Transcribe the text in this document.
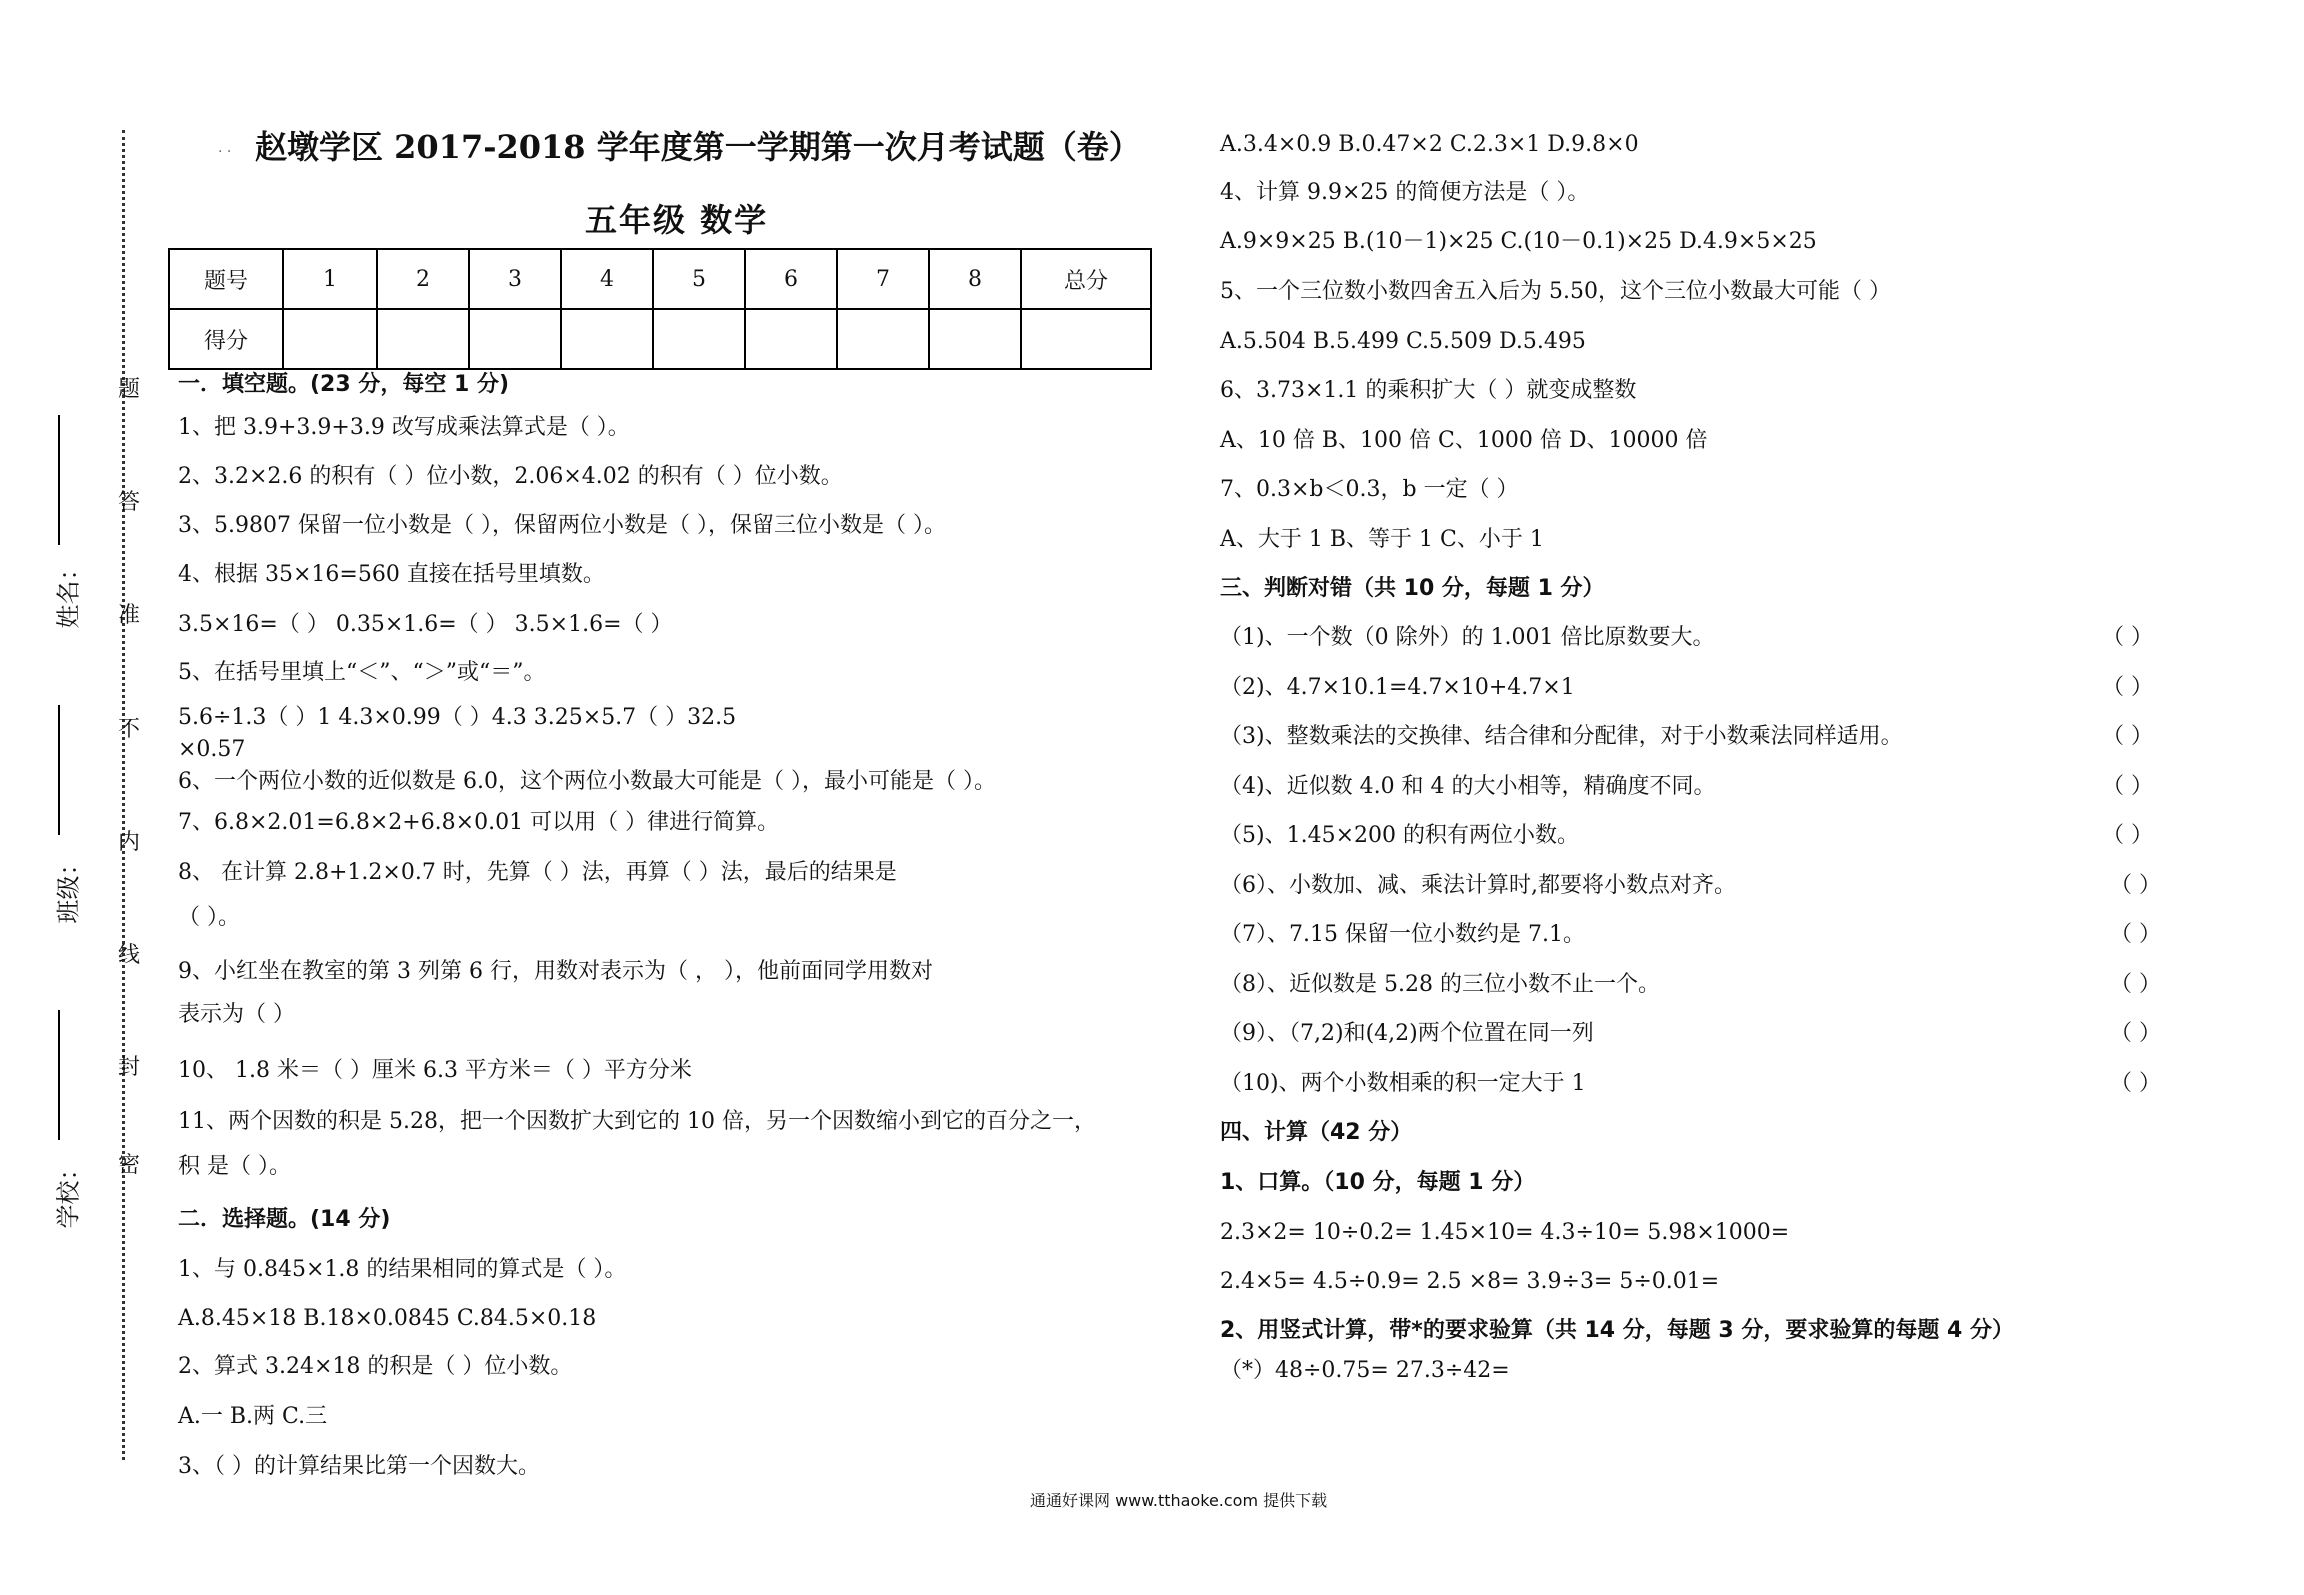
题
答
准
不
内
线
封
密
姓名：
班级：
学校：
. . 赵墩学区 2017-2018 学年度第一学期第一次月考试题（卷）
五年级 数学
题号	1	2	3	4	5	6	7	8	总分
得分									
一．填空题。(23 分，每空 1 分)
1、把 3.9+3.9+3.9 改写成乘法算式是（ ）。
2、3.2×2.6 的积有（ ）位小数，2.06×4.02 的积有（ ）位小数。
3、5.9807 保留一位小数是（ ），保留两位小数是（ ），保留三位小数是（ ）。
4、根据 35×16=560 直接在括号里填数。
3.5×16=（ ） 0.35×1.6=（ ） 3.5×1.6=（ ）
5、在括号里填上“＜”、“＞”或“＝”。
5.6÷1.3（ ）1 4.3×0.99（ ）4.3 3.25×5.7（ ）32.5
×0.57
6、一个两位小数的近似数是 6.0，这个两位小数最大可能是（ ），最小可能是（ ）。
7、6.8×2.01=6.8×2+6.8×0.01 可以用（ ）律进行简算。
8、 在计算 2.8+1.2×0.7 时，先算（ ）法，再算（ ）法，最后的结果是
（ ）。
9、小红坐在教室的第 3 列第 6 行，用数对表示为（ ， ），他前面同学用数对
表示为（ ）
10、 1.8 米＝（ ）厘米 6.3 平方米＝（ ）平方分米
11、两个因数的积是 5.28，把一个因数扩大到它的 10 倍，另一个因数缩小到它的百分之一，
积 是（ ）。
二．选择题。(14 分)
1、与 0.845×1.8 的结果相同的算式是（ ）。
A.8.45×18 B.18×0.0845 C.84.5×0.18
2、算式 3.24×18 的积是（ ）位小数。
A.一 B.两 C.三
3、（ ）的计算结果比第一个因数大。
A.3.4×0.9 B.0.47×2 C.2.3×1 D.9.8×0
4、计算 9.9×25 的简便方法是（ ）。
A.9×9×25 B.(10－1)×25 C.(10－0.1)×25 D.4.9×5×25
5、一个三位数小数四舍五入后为 5.50，这个三位小数最大可能（ ）
A.5.504 B.5.499 C.5.509 D.5.495
6、3.73×1.1 的乘积扩大（ ）就变成整数
A、10 倍 B、100 倍 C、1000 倍 D、10000 倍
7、0.3×b＜0.3，b 一定（ ）
A、大于 1 B、等于 1 C、小于 1
三、判断对错（共 10 分，每题 1 分）
（1)、一个数（0 除外）的 1.001 倍比原数要大。
（2)、4.7×10.1=4.7×10+4.7×1
（3)、整数乘法的交换律、结合律和分配律，对于小数乘法同样适用。
（4)、近似数 4.0 和 4 的大小相等，精确度不同。
（5)、1.45×200 的积有两位小数。
（6）、小数加、减、乘法计算时,都要将小数点对齐。
（7）、7.15 保留一位小数约是 7.1。
（8）、近似数是 5.28 的三位小数不止一个。
（9）、（7,2)和(4,2)两个位置在同一列
（10)、两个小数相乘的积一定大于 1
四、计算（42 分）
1、口算。（10 分，每题 1 分）
2.3×2= 10÷0.2= 1.45×10= 4.3÷10= 5.98×1000=
2.4×5= 4.5÷0.9= 2.5 ×8= 3.9÷3= 5÷0.01=
2、用竖式计算，带*的要求验算（共 14 分，每题 3 分，要求验算的每题 4 分）
（*）48÷0.75= 27.3÷42=
（ ）
（ ）
（ ）
（ ）
（ ）
（ ）
（ ）
（ ）
（ ）
（ ）
通通好课网 www.tthaoke.com 提供下载
